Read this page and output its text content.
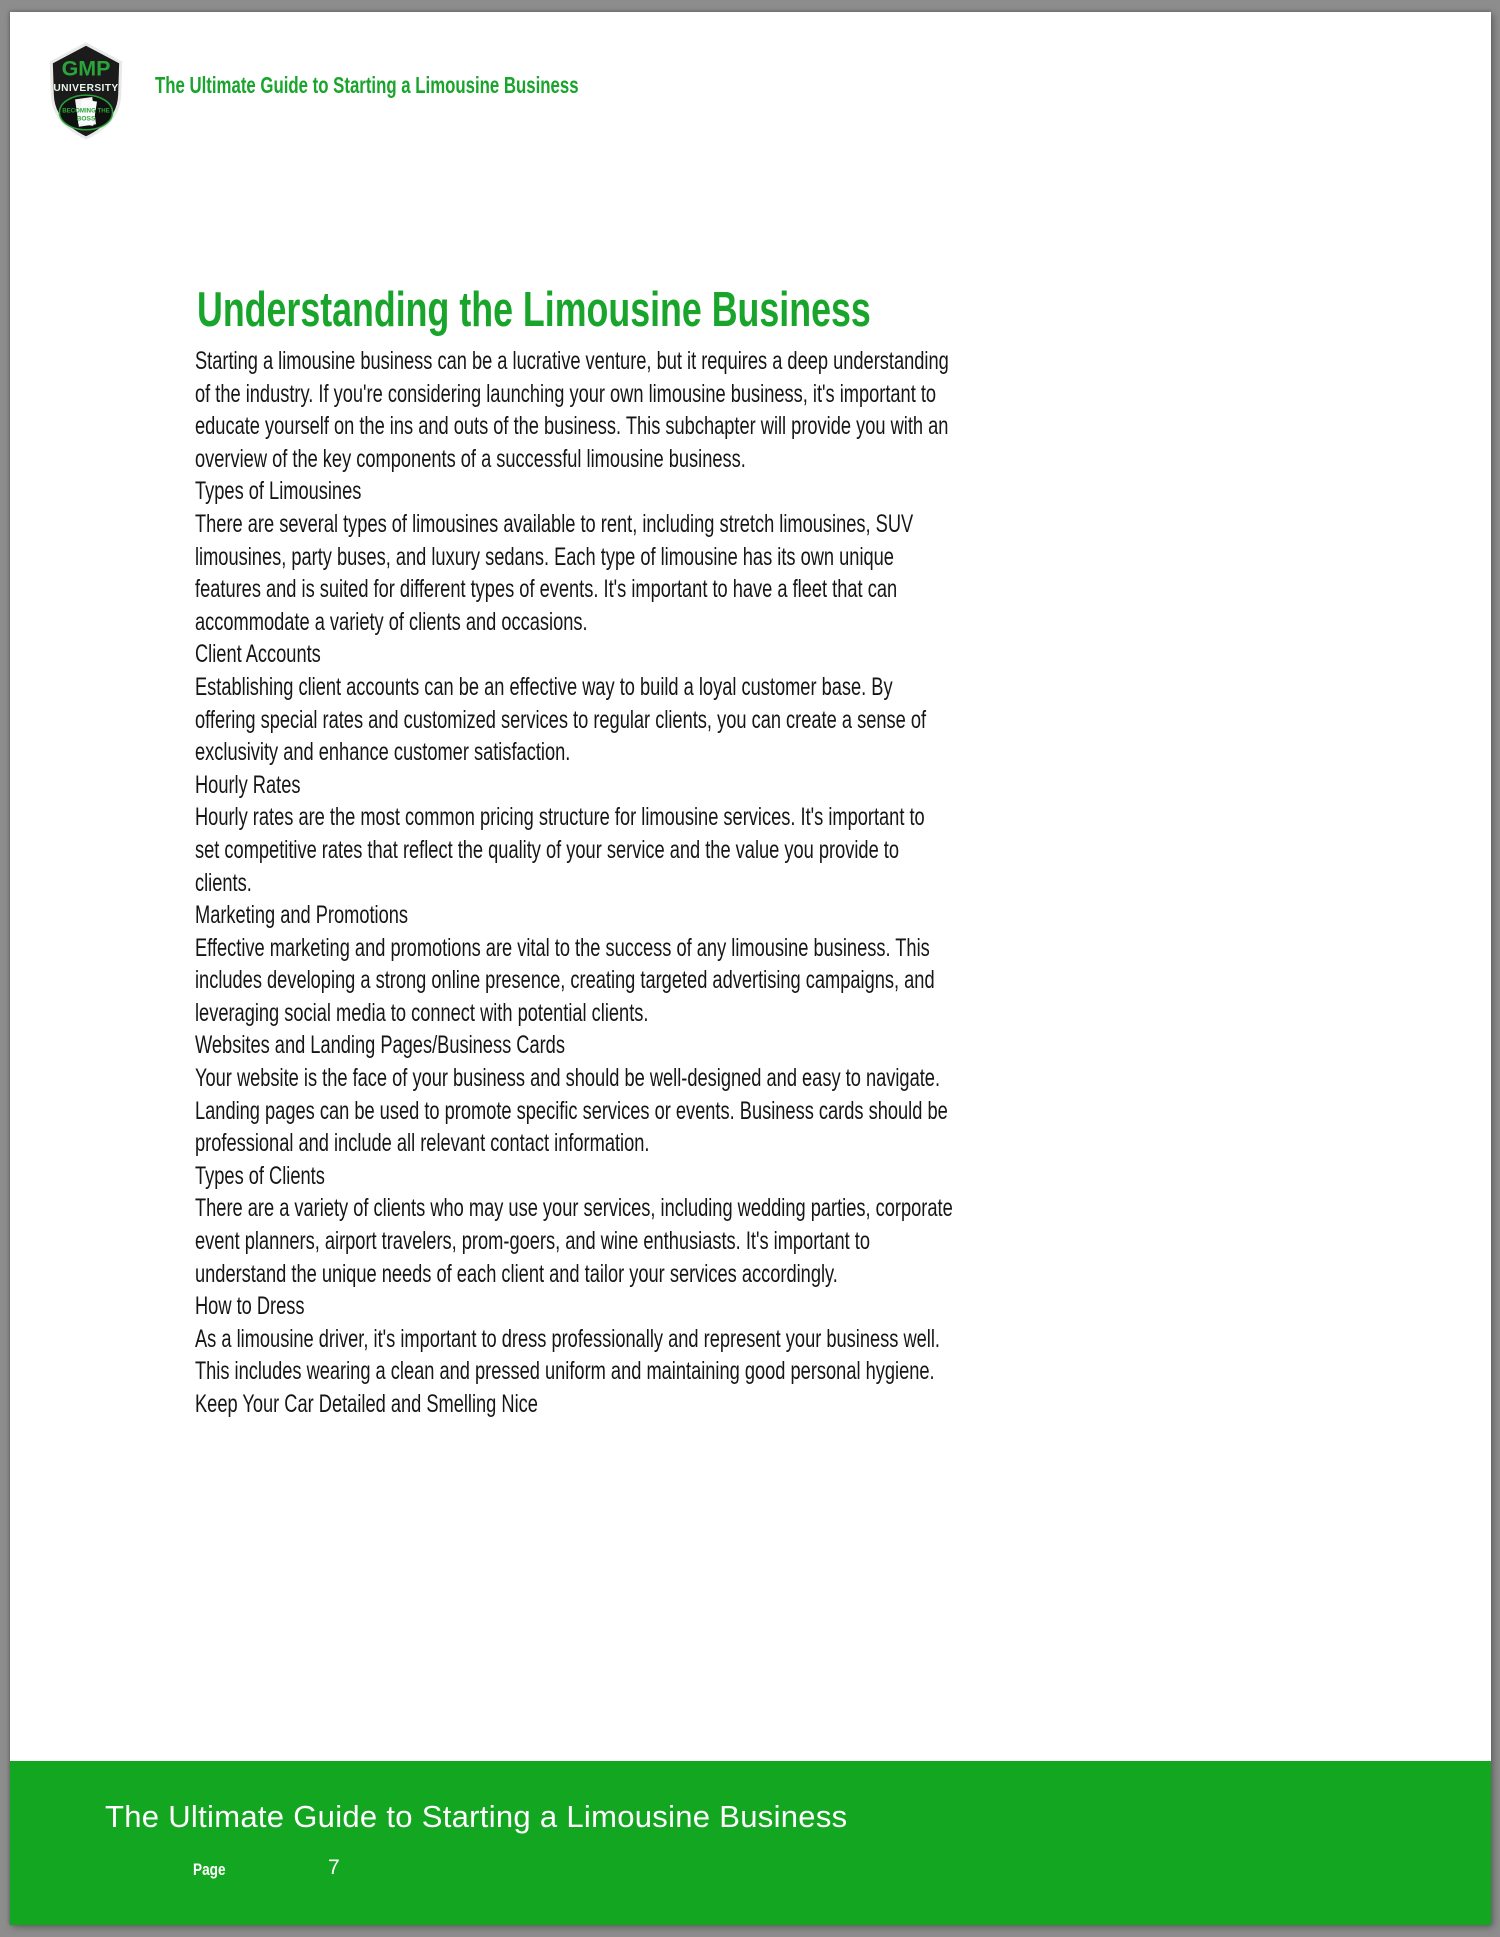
GMP
UNIVERSITY
BECOMING THE
BOSS
The Ultimate Guide to Starting a Limousine Business
Understanding the Limousine Business
Starting a limousine business can be a lucrative venture, but it requires a deep understanding
of the industry. If you're considering launching your own limousine business, it's important to
educate yourself on the ins and outs of the business. This subchapter will provide you with an
overview of the key components of a successful limousine business.
Types of Limousines
There are several types of limousines available to rent, including stretch limousines, SUV
limousines, party buses, and luxury sedans. Each type of limousine has its own unique
features and is suited for different types of events. It's important to have a fleet that can
accommodate a variety of clients and occasions.
Client Accounts
Establishing client accounts can be an effective way to build a loyal customer base. By
offering special rates and customized services to regular clients, you can create a sense of
exclusivity and enhance customer satisfaction.
Hourly Rates
Hourly rates are the most common pricing structure for limousine services. It's important to
set competitive rates that reflect the quality of your service and the value you provide to
clients.
Marketing and Promotions
Effective marketing and promotions are vital to the success of any limousine business. This
includes developing a strong online presence, creating targeted advertising campaigns, and
leveraging social media to connect with potential clients.
Websites and Landing Pages/Business Cards
Your website is the face of your business and should be well-designed and easy to navigate.
Landing pages can be used to promote specific services or events. Business cards should be
professional and include all relevant contact information.
Types of Clients
There are a variety of clients who may use your services, including wedding parties, corporate
event planners, airport travelers, prom-goers, and wine enthusiasts. It's important to
understand the unique needs of each client and tailor your services accordingly.
How to Dress
As a limousine driver, it's important to dress professionally and represent your business well.
This includes wearing a clean and pressed uniform and maintaining good personal hygiene.
Keep Your Car Detailed and Smelling Nice
The Ultimate Guide to Starting a Limousine Business
Page	7
